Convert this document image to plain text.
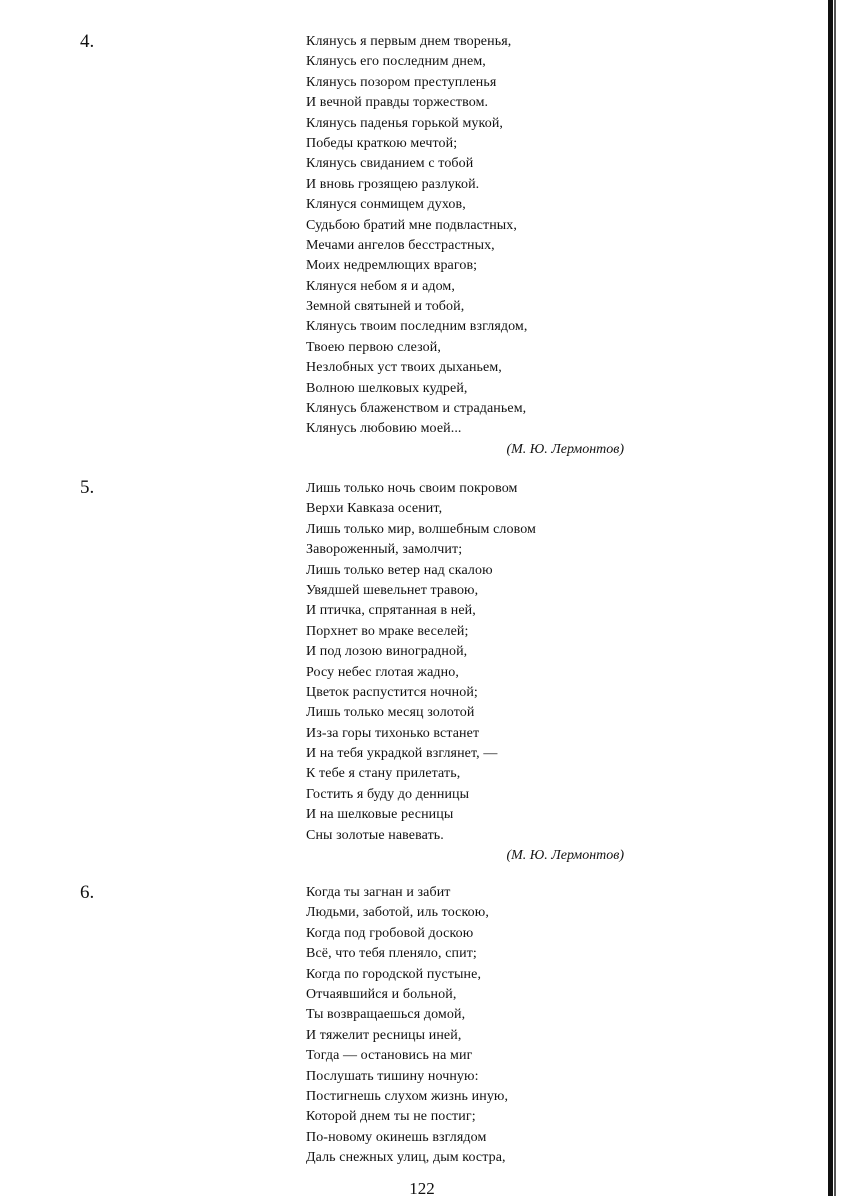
4.	Клянусь я первым днем творенья,
Клянусь его последним днем,
Клянусь позором преступленья
И вечной правды торжеством.
Клянусь паденья горькой мукой,
Победы краткою мечтой;
Клянусь свиданием с тобой
И вновь грозящею разлукой.
Клянуся сонмищем духов,
Судьбою братий мне подвластных,
Мечами ангелов бесстрастных,
Моих недремлющих врагов;
Клянуся небом я и адом,
Земной святыней и тобой,
Клянусь твоим последним взглядом,
Твоею первою слезой,
Незлобных уст твоих дыханьем,
Волною шелковых кудрей,
Клянусь блаженством и страданьем,
Клянусь любовию моей...
(М. Ю. Лермонтов)
5.	Лишь только ночь своим покровом
Верхи Кавказа осенит,
Лишь только мир, волшебным словом
Завороженный, замолчит;
Лишь только ветер над скалою
Увядшей шевельнет травою,
И птичка, спрятанная в ней,
Порхнет во мраке веселей;
И под лозою виноградной,
Росу небес глотая жадно,
Цветок распустится ночной;
Лишь только месяц золотой
Из-за горы тихонько встанет
И на тебя украдкой взглянет, —
К тебе я стану прилетать,
Гостить я буду до денницы
И на шелковые ресницы
Сны золотые навевать.
(М. Ю. Лермонтов)
6.	Когда ты загнан и забит
Людьми, заботой, иль тоскою,
Когда под гробовой доскою
Всё, что тебя пленяло, спит;
Когда по городской пустыне,
Отчаявшийся и больной,
Ты возвращаешься домой,
И тяжелит ресницы иней,
Тогда — остановись на миг
Послушать тишину ночную:
Постигнешь слухом жизнь иную,
Которой днем ты не постиг;
По-новому окинешь взглядом
Даль снежных улиц, дым костра,
122
